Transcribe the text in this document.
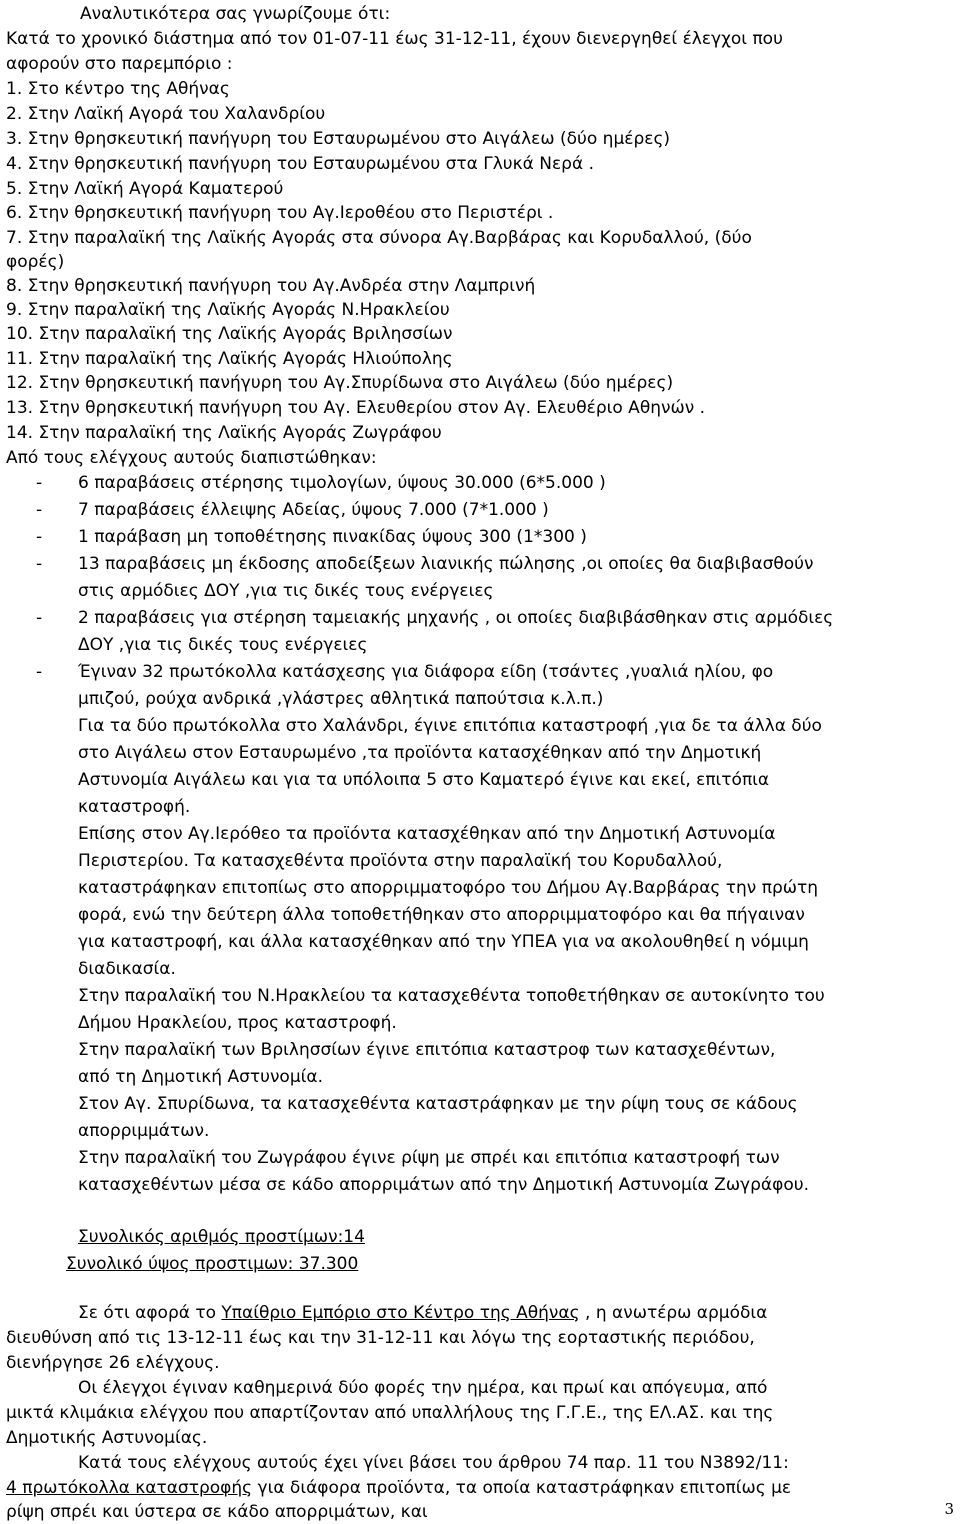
Αναλυτικότερα σας γνωρίζουμε ότι:
Κατά το χρονικό διάστημα από τον 01-07-11 έως 31-12-11, έχουν διενεργηθεί έλεγχοι που
αφορούν στο παρεμπόριο :
1. Στο κέντρο της Αθήνας
2. Στην Λαϊκή Αγορά του Χαλανδρίου
3. Στην θρησκευτική πανήγυρη του Εσταυρωμένου στο Αιγάλεω (δύο ημέρες)
4. Στην θρησκευτική πανήγυρη του Εσταυρωμένου στα Γλυκά Νερά .
5. Στην Λαϊκή Αγορά Καματερού
6. Στην θρησκευτική πανήγυρη του Αγ.Ιεροθέου στο Περιστέρι .
7. Στην παραλαϊκή της Λαϊκής Αγοράς στα σύνορα Αγ.Βαρβάρας και Κορυδαλλού, (δύο
φορές)
8. Στην θρησκευτική πανήγυρη του Αγ.Ανδρέα στην Λαμπρινή
9. Στην παραλαϊκή της Λαϊκής Αγοράς Ν.Ηρακλείου
10. Στην παραλαϊκή της Λαϊκής Αγοράς Βριλησσίων
11. Στην παραλαϊκή της Λαϊκής Αγοράς Ηλιούπολης
12. Στην θρησκευτική πανήγυρη του Αγ.Σπυρίδωνα στο Αιγάλεω (δύο ημέρες)
13. Στην θρησκευτική πανήγυρη του Αγ. Ελευθερίου στον Αγ. Ελευθέριο Αθηνών .
14. Στην παραλαϊκή της Λαϊκής Αγοράς Ζωγράφου
Από τους ελέγχους αυτούς διαπιστώθηκαν:
- 6 παραβάσεις στέρησης τιμολογίων, ύψους 30.000 (6*5.000 )
- 7 παραβάσεις έλλειψης Αδείας, ύψους 7.000 (7*1.000 )
- 1 παράβαση μη τοποθέτησης πινακίδας ύψους 300 (1*300 )
- 13 παραβάσεις μη έκδοσης αποδείξεων λιανικής πώλησης ,οι οποίες θα διαβιβασθούν
στις αρμόδιες ΔΟΥ ,για τις δικές τους ενέργειες
- 2 παραβάσεις για στέρηση ταμειακής μηχανής , οι οποίες διαβιβάσθηκαν στις αρμόδιες
ΔΟΥ ,για τις δικές τους ενέργειες
- Έγιναν 32 πρωτόκολλα κατάσχεσης για διάφορα είδη (τσάντες ,γυαλιά ηλίου, φο
μπιζού, ρούχα ανδρικά ,γλάστρες αθλητικά παπούτσια κ.λ.π.)
Για τα δύο πρωτόκολλα στο Χαλάνδρι, έγινε επιτόπια καταστροφή ,για δε τα άλλα δύο
στο Αιγάλεω στον Εσταυρωμένο ,τα προϊόντα κατασχέθηκαν από την Δημοτική
Αστυνομία Αιγάλεω και για τα υπόλοιπα 5 στο Καματερό έγινε και εκεί, επιτόπια
καταστροφή.
Επίσης στον Αγ.Ιερόθεο τα προϊόντα κατασχέθηκαν από την Δημοτική Αστυνομία
Περιστερίου. Τα κατασχεθέντα προϊόντα στην παραλαϊκή του Κορυδαλλού,
καταστράφηκαν επιτοπίως στο απορριμματοφόρο του Δήμου Αγ.Βαρβάρας την πρώτη
φορά, ενώ την δεύτερη άλλα τοποθετήθηκαν στο απορριμματοφόρο και θα πήγαιναν
για καταστροφή, και άλλα κατασχέθηκαν από την ΥΠΕΑ για να ακολουθηθεί η νόμιμη
διαδικασία.
Στην παραλαϊκή του Ν.Ηρακλείου τα κατασχεθέντα τοποθετήθηκαν σε αυτοκίνητο του
Δήμου Ηρακλείου, προς καταστροφή.
Στην παραλαϊκή των Βριλησσίων έγινε επιτόπια καταστροφ των κατασχεθέντων,
από τη Δημοτική Αστυνομία.
Στον Αγ. Σπυρίδωνα, τα κατασχεθέντα καταστράφηκαν με την ρίψη τους σε κάδους
απορριμμάτων.
Στην παραλαϊκή του Ζωγράφου έγινε ρίψη με σπρέι και επιτόπια καταστροφή των
κατασχεθέντων μέσα σε κάδο απορριμάτων από την Δημοτική Αστυνομία Ζωγράφου.
Συνολικός αριθμός προστίμων:14
Συνολικό ύψος προστιμων: 37.300
Σε ότι αφορά το Υπαίθριο Εμπόριο στο Κέντρο της Αθήνας , η ανωτέρω αρμόδια
διευθύνση από τις 13-12-11 έως και την 31-12-11 και λόγω της εορταστικής περιόδου,
διενήργησε 26 ελέγχους.
Οι έλεγχοι έγιναν καθημερινά δύο φορές την ημέρα, και πρωί και απόγευμα, από
μικτά κλιμάκια ελέγχου που απαρτίζονταν από υπαλλήλους της Γ.Γ.Ε., της ΕΛ.ΑΣ. και της
Δημοτικής Αστυνομίας.
Κατά τους ελέγχους αυτούς έχει γίνει βάσει του άρθρου 74 παρ. 11 του Ν3892/11:
4 πρωτόκολλα καταστροφής για διάφορα προϊόντα, τα οποία καταστράφηκαν επιτοπίως με
ρίψη σπρέι και ύστερα σε κάδο απορριμάτων, και	3
